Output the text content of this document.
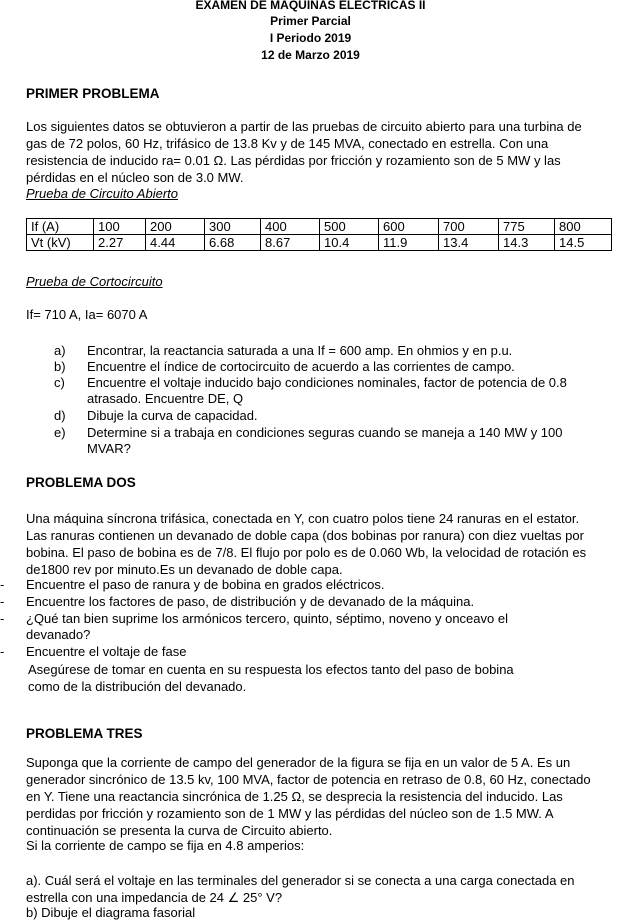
EXAMEN DE MAQUINAS ELECTRICAS II
Primer Parcial
I Periodo 2019
12 de Marzo 2019
PRIMER PROBLEMA

Los siguientes datos se obtuvieron a partir de las pruebas de circuito abierto para una turbina de gas de 72 polos, 60 Hz, trifásico de 13.8 Kv y de 145 MVA, conectado en estrella. Con una resistencia de inducido ra= 0.01 Ω. Las pérdidas por fricción y rozamiento son de 5 MW y las pérdidas en el núcleo son de 3.0 MW.

Prueba de Circuito Abierto
If (A)	100	200	300	400	500	600	700	775	800
Vt (kV)	2.27	4.44	6.68	8.67	10.4	11.9	13.4	14.3	14.5
Prueba de Cortocircuito
If= 710 A, Ia= 6070 A
a) Encontrar, la reactancia saturada a una If = 600 amp. En ohmios y en p.u.
b) Encuentre el índice de cortocircuito de acuerdo a las corrientes de campo.
c) Encuentre el voltaje inducido bajo condiciones nominales, factor de potencia de 0.8 atrasado. Encuentre DE, Q
d) Dibuje la curva de capacidad.
e) Determine si a trabaja en condiciones seguras cuando se maneja a 140 MW y 100 MVAR?
PROBLEMA DOS

Una máquina síncrona trifásica, conectada en Y, con cuatro polos tiene 24 ranuras en el estator. Las ranuras contienen un devanado de doble capa (dos bobinas por ranura) con diez vueltas por bobina. El paso de bobina es de 7/8. El flujo por polo es de 0.060 Wb, la velocidad de rotación es de1800 rev por minuto.Es un devanado de doble capa.

- Encuentre el paso de ranura y de bobina en grados eléctricos.
- Encuentre los factores de paso, de distribución y de devanado de la máquina.
- ¿Qué tan bien suprime los armónicos tercero, quinto, séptimo, noveno y onceavo el devanado?
- Encuentre el voltaje de fase

Asegúrese de tomar en cuenta en su respuesta los efectos tanto del paso de bobina como de la distribución del devanado.

PROBLEMA TRES

Suponga que la corriente de campo del generador de la figura se fija en un valor de 5 A. Es un generador sincrónico de 13.5 kv, 100 MVA, factor de potencia en retraso de 0.8, 60 Hz, conectado en Y. Tiene una reactancia sincrónica de 1.25 Ω, se desprecia la resistencia del inducido. Las perdidas por fricción y rozamiento son de 1 MW y las pérdidas del núcleo son de 1.5 MW. A continuación se presenta la curva de Circuito abierto.

Si la corriente de campo se fija en 4.8 amperios:

a). Cuál será el voltaje en las terminales del generador si se conecta a una carga conectada en estrella con una impedancia de 24 ∠ 25° V?

b) Dibuje el diagrama fasorial
